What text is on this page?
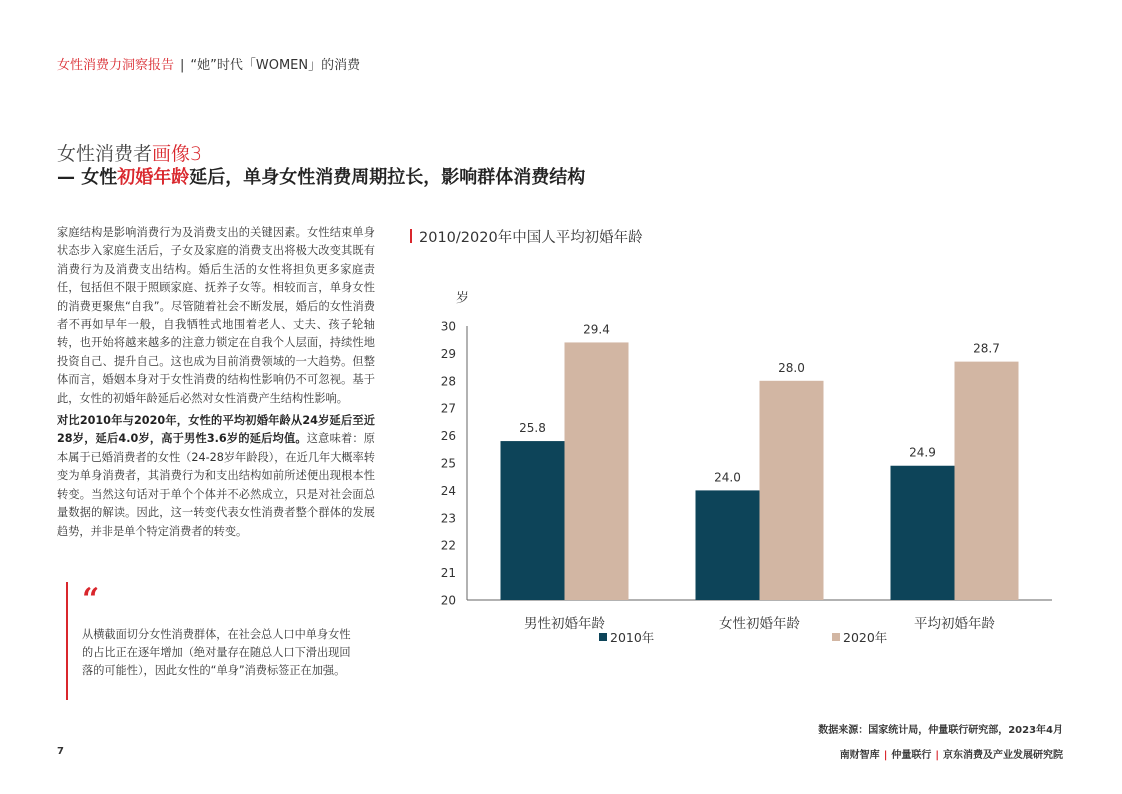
女性消费力洞察报告 | “她”时代「WOMEN」的消费
女性消费者画像3
— 女性初婚年龄延后，单身女性消费周期拉长，影响群体消费结构

家庭结构是影响消费行为及消费支出的关键因素。女性结束单身状态步入家庭生活后，子女及家庭的消费支出将极大改变其既有消费行为及消费支出结构。婚后生活的女性将担负更多家庭责任，包括但不限于照顾家庭、抚养子女等。相较而言，单身女性的消费更聚焦“自我”。尽管随着社会不断发展，婚后的女性消费者不再如早年一般，自我牺牲式地围着老人、丈夫、孩子轮轴转，也开始将越来越多的注意力锁定在自我个人层面，持续性地投资自己、提升自己。这也成为目前消费领域的一大趋势。但整体而言，婚姻本身对于女性消费的结构性影响仍不可忽视。基于此，女性的初婚年龄延后必然对女性消费产生结构性影响。

对比2010年与2020年，女性的平均初婚年龄从24岁延后至近28岁，延后4.0岁，高于男性3.6岁的延后均值。这意味着：原本属于已婚消费者的女性（24-28岁年龄段），在近几年大概率转变为单身消费者，其消费行为和支出结构如前所述便出现根本性转变。当然这句话对于单个个体并不必然成立，只是对社会面总量数据的解读。因此，这一转变代表女性消费者整个群体的发展趋势，并非是单个特定消费者的转变。

“
从横截面切分女性消费群体，在社会总人口中单身女性的占比正在逐年增加（绝对量存在随总人口下滑出现回落的可能性），因此女性的“单身”消费标签正在加强。
2010/2020年中国人平均初婚年龄
岁
20
21
22
23
24
25
26
27
28
29
30
25.8
29.4
男性初婚年龄
24.0
28.0
女性初婚年龄
24.9
28.7
平均初婚年龄
2010年	2020年
数据来源：国家统计局，仲量联行研究部，2023年4月
7	南财智库 | 仲量联行 | 京东消费及产业发展研究院
